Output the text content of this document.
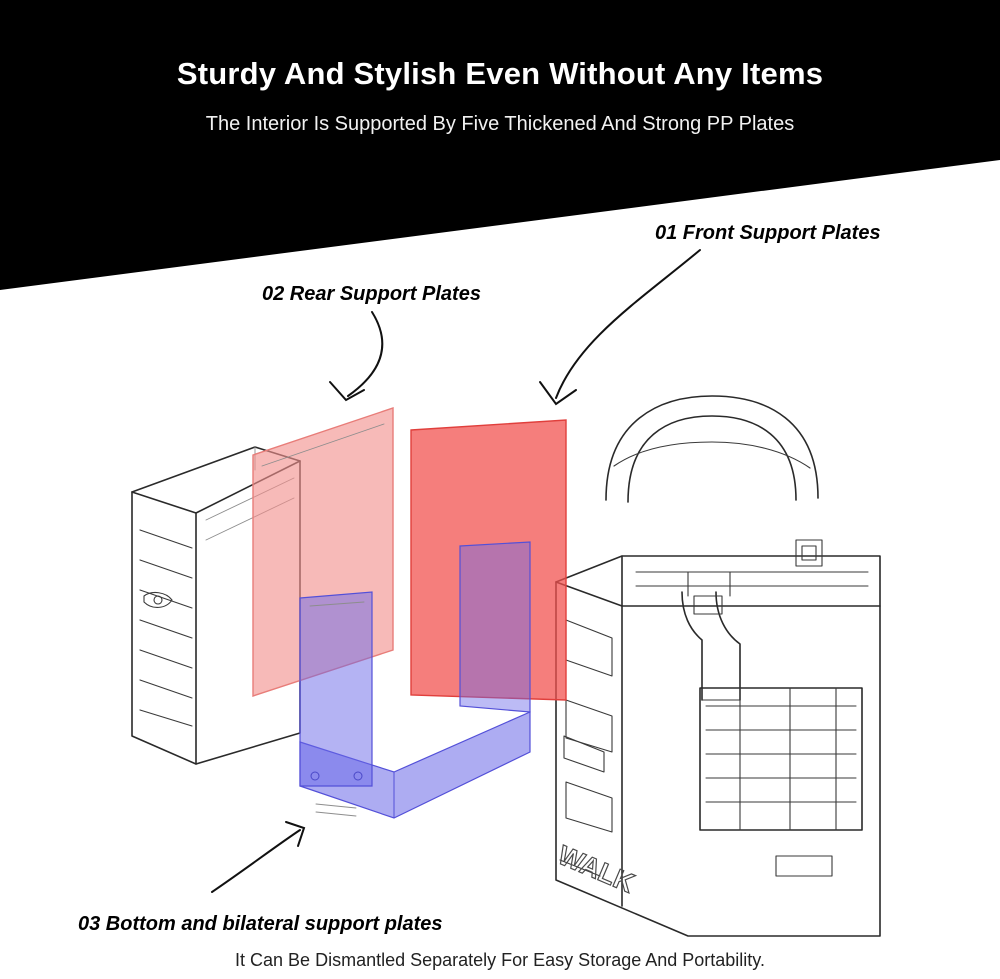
Sturdy And Stylish Even Without Any Items
The Interior Is Supported By Five Thickened And Strong PP Plates
WALK
01 Front Support Plates
02 Rear Support Plates
03 Bottom and bilateral support plates
It Can Be Dismantled Separately For Easy Storage And Portability.
